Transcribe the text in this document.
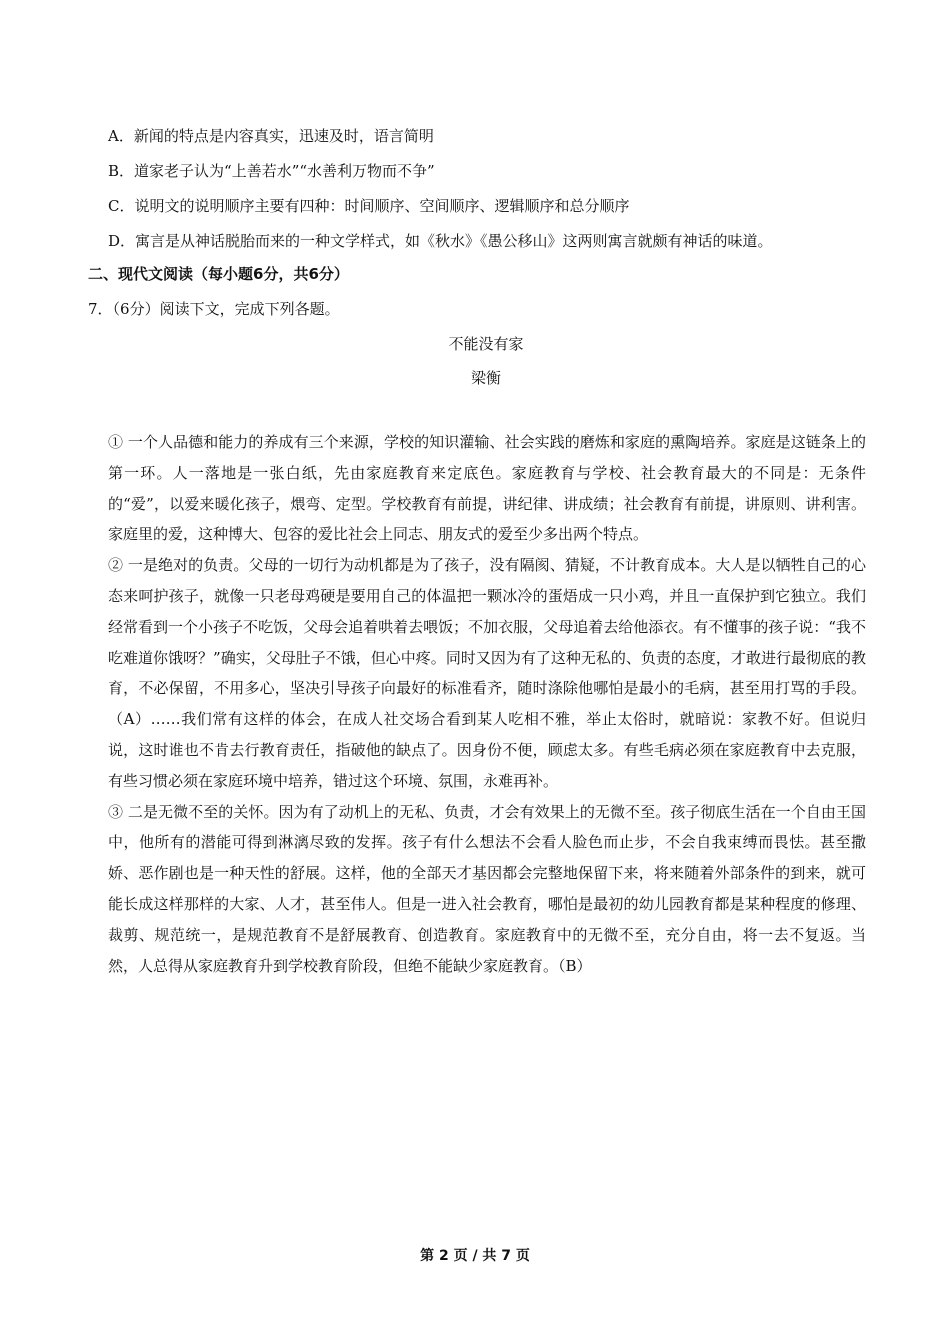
A．新闻的特点是内容真实，迅速及时，语言简明
B．道家老子认为“上善若水”“水善利万物而不争”
C．说明文的说明顺序主要有四种：时间顺序、空间顺序、逻辑顺序和总分顺序
D．寓言是从神话脱胎而来的一种文学样式，如《秋水》《愚公移山》这两则寓言就颇有神话的味道。
二、现代文阅读（每小题6分，共6分）
7．（6分）阅读下文，完成下列各题。
不能没有家
梁衡

① 一个人品德和能力的养成有三个来源，学校的知识灌输、社会实践的磨炼和家庭的熏陶培养。家庭是这链条上的第一环。人一落地是一张白纸，先由家庭教育来定底色。家庭教育与学校、社会教育最大的不同是：无条件的“爱”，以爱来暖化孩子，煨弯、定型。学校教育有前提，讲纪律、讲成绩；社会教育有前提，讲原则、讲利害。家庭里的爱，这种博大、包容的爱比社会上同志、朋友式的爱至少多出两个特点。

② 一是绝对的负责。父母的一切行为动机都是为了孩子，没有隔阂、猜疑，不计教育成本。大人是以牺牲自己的心态来呵护孩子，就像一只老母鸡硬是要用自己的体温把一颗冰冷的蛋焐成一只小鸡，并且一直保护到它独立。我们经常看到一个小孩子不吃饭，父母会追着哄着去喂饭；不加衣服，父母追着去给他添衣。有不懂事的孩子说：“我不吃难道你饿呀？”确实，父母肚子不饿，但心中疼。同时又因为有了这种无私的、负责的态度，才敢进行最彻底的教育，不必保留，不用多心，坚决引导孩子向最好的标准看齐，随时涤除他哪怕是最小的毛病，甚至用打骂的手段。（A）……我们常有这样的体会，在成人社交场合看到某人吃相不雅，举止太俗时，就暗说：家教不好。但说归说，这时谁也不肯去行教育责任，指破他的缺点了。因身份不便，顾虑太多。有些毛病必须在家庭教育中去克服，有些习惯必须在家庭环境中培养，错过这个环境、氛围，永难再补。

③ 二是无微不至的关怀。因为有了动机上的无私、负责，才会有效果上的无微不至。孩子彻底生活在一个自由王国中，他所有的潜能可得到淋漓尽致的发挥。孩子有什么想法不会看人脸色而止步，不会自我束缚而畏怯。甚至撒娇、恶作剧也是一种天性的舒展。这样，他的全部天才基因都会完整地保留下来，将来随着外部条件的到来，就可能长成这样那样的大家、人才，甚至伟人。但是一进入社会教育，哪怕是最初的幼儿园教育都是某种程度的修理、裁剪、规范统一，是规范教育不是舒展教育、创造教育。家庭教育中的无微不至，充分自由，将一去不复返。当然，人总得从家庭教育升到学校教育阶段，但绝不能缺少家庭教育。（B）

第 2 页 / 共 7 页
